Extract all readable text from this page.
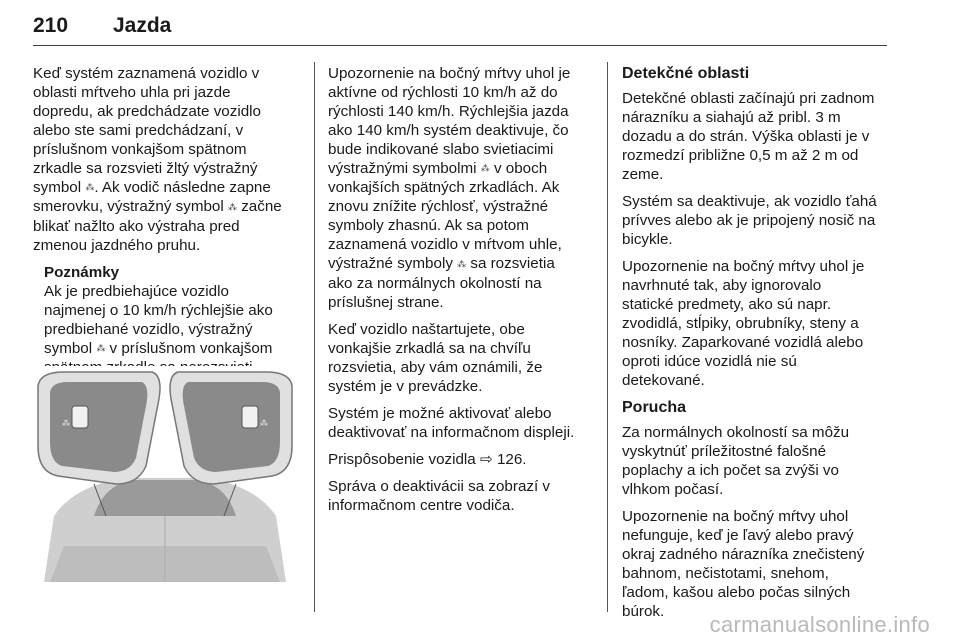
210 Jazda

Keď systém zaznamená vozidlo v
oblasti mŕtveho uhla pri jazde
dopredu, ak predchádzate vozidlo
alebo ste sami predchádzaní, v
príslušnom vonkajšom spätnom
zrkadle sa rozsvieti žltý výstražný
symbol ⁂. Ak vodič následne zapne
smerovku, výstražný symbol ⁂ začne
blikať nažlto ako výstraha pred
zmenou jazdného pruhu.

Poznámky

Ak je predbiehajúce vozidlo
najmenej o 10 km/h rýchlejšie ako
predbiehané vozidlo, výstražný
symbol ⁂ v príslušnom vonkajšom

⁂	⁂

Upozornenie na bočný mŕtvy uhol je
aktívne od rýchlosti 10 km/h až do
rýchlosti 140 km/h. Rýchlejšia jazda
ako 140 km/h systém deaktivuje, čo
bude indikované slabo svietiacimi
výstražnými symbolmi ⁂ v oboch
vonkajších spätných zrkadlách. Ak
znovu znížite rýchlosť, výstražné
symboly zhasnú. Ak sa potom
zaznamená vozidlo v mŕtvom uhle,
výstražné symboly ⁂ sa rozsvietia
ako za normálnych okolností na
príslušnej strane.

Keď vozidlo naštartujete, obe
vonkajšie zrkadlá sa na chvíľu
rozsvietia, aby vám oznámili, že
systém je v prevádzke.

Systém je možné aktivovať alebo
deaktivovať na informačnom displeji.

Prispôsobenie vozidla ⇨ 126.

Správa o deaktivácii sa zobrazí v
informačnom centre vodiča.

Detekčné oblasti

Detekčné oblasti začínajú pri zadnom
nárazníku a siahajú až pribl. 3 m
dozadu a do strán. Výška oblasti je v
rozmedzí približne 0,5 m až 2 m od
zeme.

Systém sa deaktivuje, ak vozidlo ťahá
prívves alebo ak je pripojený nosič na
bicykle.

Upozornenie na bočný mŕtvy uhol je
navrhnuté tak, aby ignorovalo
statické predmety, ako sú napr.
zvodidlá, stĺpiky, obrubníky, steny a
nosníky. Zaparkované vozidlá alebo
oproti idúce vozidlá nie sú
detekované.

Porucha

Za normálnych okolností sa môžu
vyskytnúť príležitostné falošné
poplachy a ich počet sa zvýši vo
vlhkom počasí.

Upozornenie na bočný mŕtvy uhol
nefunguje, keď je ľavý alebo pravý
okraj zadného nárazníka znečistený
bahnom, nečistotami, snehom,
ľadom, kašou alebo počas silných
búrok.

carmanualsonline.info
